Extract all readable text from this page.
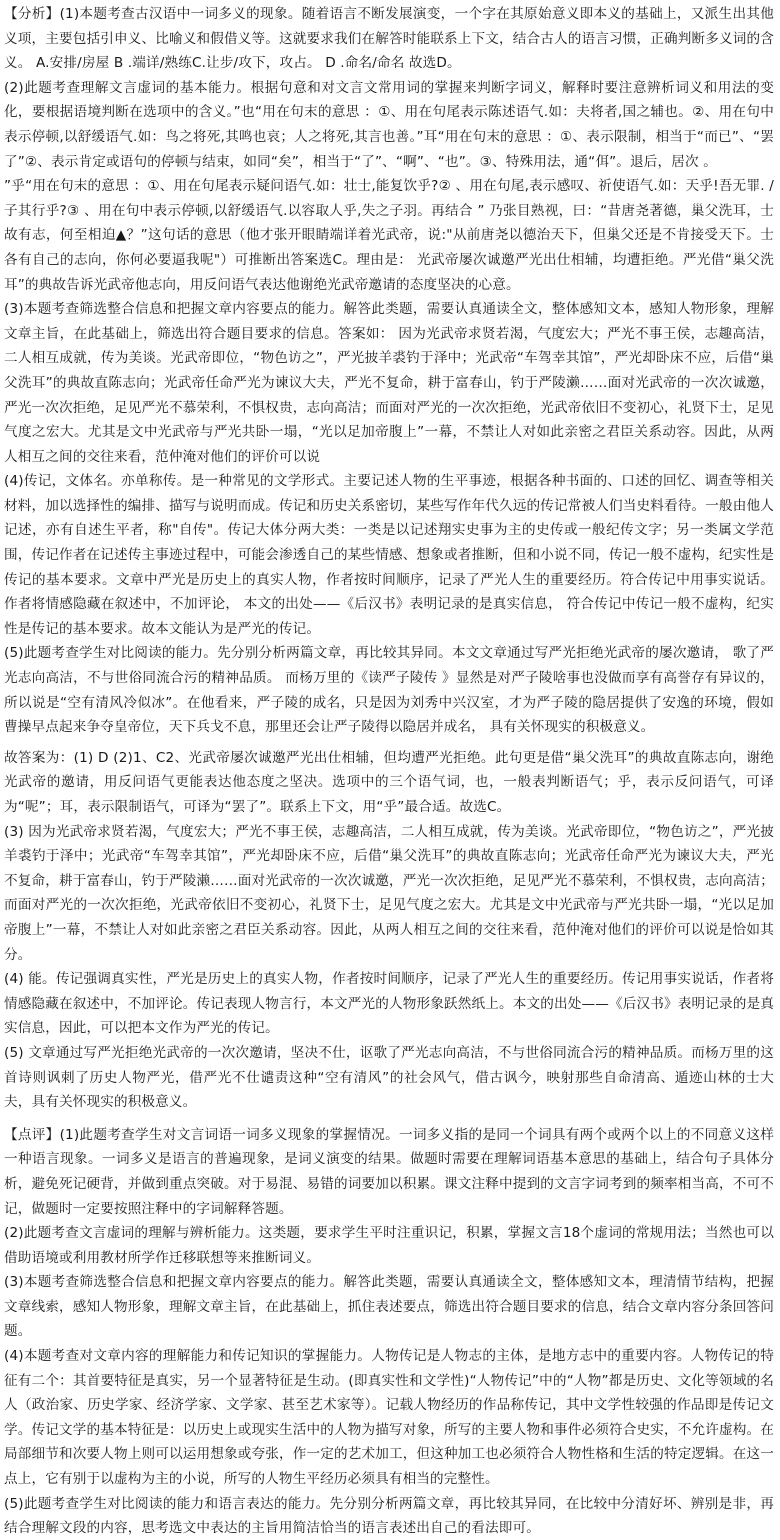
【分析】(1)本题考查古汉语中一词多义的现象。随着语言不断发展演变，一个字在其原始意义即本义的基础上，又派生出其他义项，主要包括引申义、比喻义和假借义等。这就要求我们在解答时能联系上下文，结合古人的语言习惯，正确判断多义词的含义。 A.安排/房屋 B .端详/熟练C.让步/攻下，攻占。 D .命名/命名 故选D。

(2)此题考查理解文言虚词的基本能力。根据句意和对文言文常用词的掌握来判断字词义，解释时要注意辨析词义和用法的变化，要根据语境判断在选项中的含义。”也“用在句末的意思 ：①、用在句尾表示陈述语气.如：夫将者,国之辅也。②、用在句中表示停顿,以舒缓语气.如：鸟之将死,其鸣也哀；人之将死,其言也善。”耳“用在句末的意思 ：①、表示限制，相当于“而已”、“罢了”②、表示肯定或语句的停顿与结束，如同“矣”，相当于“了”、“啊”、“也”。③、特殊用法，通“佴”。退后，居次 。

”乎“用在句末的意思 ：①、用在句尾表示疑问语气.如：壮士,能复饮乎?② 、用在句尾,表示感叹、祈使语气.如：天乎!吾无罪. / 子其行乎?③ 、用在句中表示停顿,以舒缓语气.以容取人乎,失之子羽。再结合 ” 乃张目熟视，曰：“昔唐尧著德，巢父洗耳，士故有志，何至相迫▲？”这句话的意思（他才张开眼睛端详着光武帝，说:"从前唐尧以德治天下，但巢父还是不肯接受天下。士各有自己的志向，你何必要逼我呢"）可推断出答案选C。理由是： 光武帝屡次诚邀严光出仕相辅，均遭拒绝。严光借“巢父洗耳”的典故告诉光武帝他志向，用反问语气表达他谢绝光武帝邀请的态度坚决的心意。

(3)本题考查筛选整合信息和把握文章内容要点的能力。解答此类题，需要认真通读全文，整体感知文本，感知人物形象，理解文章主旨，在此基础上，筛选出符合题目要求的信息。答案如： 因为光武帝求贤若渴，气度宏大；严光不事王侯，志趣高洁，二人相互成就，传为美谈。光武帝即位，“物色访之”，严光披羊裘钓于泽中；光武帝“车驾幸其馆”，严光却卧床不应，后借“巢父洗耳”的典故直陈志向；光武帝任命严光为谏议大夫，严光不复命，耕于富春山，钓于严陵濑……面对光武帝的一次次诚邀，严光一次次拒绝，足见严光不慕荣利，不惧权贵，志向高洁；而面对严光的一次次拒绝，光武帝依旧不变初心，礼贤下士，足见气度之宏大。尤其是文中光武帝与严光共卧一塌，“光以足加帝腹上”一幕，不禁让人对如此亲密之君臣关系动容。因此，从两人相互之间的交往来看，范仲淹对他们的评价可以说

(4)传记，文体名。亦单称传。是一种常见的文学形式。主要记述人物的生平事迹，根据各种书面的、口述的回忆、调查等相关材料，加以选择性的编排、描写与说明而成。传记和历史关系密切，某些写作年代久远的传记常被人们当史料看待。一般由他人记述，亦有自述生平者，称"自传"。传记大体分两大类：一类是以记述翔实史事为主的史传或一般纪传文字；另一类属文学范围，传记作者在记述传主事迹过程中，可能会渗透自己的某些情感、想象或者推断，但和小说不同，传记一般不虚构，纪实性是传记的基本要求。文章中严光是历史上的真实人物，作者按时间顺序，记录了严光人生的重要经历。符合传记中用事实说话。 作者将情感隐藏在叙述中，不加评论， 本文的出处——《后汉书》表明记录的是真实信息， 符合传记中传记一般不虚构，纪实性是传记的基本要求。故本文能认为是严光的传记。

(5)此题考查学生对比阅读的能力。先分别分析两篇文章，再比较其异同。本文文章通过写严光拒绝光武帝的屡次邀请， 歌了严光志向高洁，不与世俗同流合污的精神品质。 而杨万里的《读严子陵传 》显然是对严子陵啥事也没做而享有高誉存有异议的，所以说是“空有清风冷似冰”。在他看来，严子陵的成名，只是因为刘秀中兴汉室，才为严子陵的隐居提供了安逸的环境，假如曹操早点起来争夺皇帝位，天下兵戈不息，那里还会让严子陵得以隐居并成名， 具有关怀现实的积极意义。

故答案为：(1) D (2)1、C2、光武帝屡次诚邀严光出仕相辅，但均遭严光拒绝。此句更是借“巢父洗耳”的典故直陈志向，谢绝光武帝的邀请，用反问语气更能表达他态度之坚决。选项中的三个语气词，也，一般表判断语气；乎，表示反问语气，可译为“呢”；耳，表示限制语气，可译为“罢了”。联系上下文，用“乎”最合适。故选C。

(3) 因为光武帝求贤若渴，气度宏大；严光不事王侯，志趣高洁，二人相互成就，传为美谈。光武帝即位，“物色访之”，严光披羊裘钓于泽中；光武帝“车驾幸其馆”，严光却卧床不应，后借“巢父洗耳”的典故直陈志向；光武帝任命严光为谏议大夫，严光不复命，耕于富春山，钓于严陵濑……面对光武帝的一次次诚邀，严光一次次拒绝，足见严光不慕荣利，不惧权贵，志向高洁；而面对严光的一次次拒绝，光武帝依旧不变初心，礼贤下士，足见气度之宏大。尤其是文中光武帝与严光共卧一塌，“光以足加帝腹上”一幕，不禁让人对如此亲密之君臣关系动容。因此，从两人相互之间的交往来看，范仲淹对他们的评价可以说是恰如其分。

(4) 能。传记强调真实性，严光是历史上的真实人物，作者按时间顺序，记录了严光人生的重要经历。传记用事实说话，作者将情感隐藏在叙述中，不加评论。传记表现人物言行，本文严光的人物形象跃然纸上。本文的出处——《后汉书》表明记录的是真实信息，因此，可以把本文作为严光的传记。

(5) 文章通过写严光拒绝光武帝的一次次邀请，坚决不仕，讴歌了严光志向高洁，不与世俗同流合污的精神品质。而杨万里的这首诗则讽刺了历史人物严光，借严光不仕谴责这种“空有清风”的社会风气，借古讽今，映射那些自命清高、遁迹山林的士大夫，具有关怀现实的积极意义。

【点评】(1)此题考查学生对文言词语一词多义现象的掌握情况。一词多义指的是同一个词具有两个或两个以上的不同意义这样一种语言现象。一词多义是语言的普遍现象，是词义演变的结果。做题时需要在理解词语基本意思的基础上，结合句子具体分析，避免死记硬背，并做到重点突破。对于易混、易错的词要加以积累。课文注释中提到的文言字词考到的频率相当高，不可不记，做题时一定要按照注释中的字词解释答题。

(2)此题考查文言虚词的理解与辨析能力。这类题，要求学生平时注重识记，积累，掌握文言18个虚词的常规用法；当然也可以借助语境或利用教材所学作迁移联想等来推断词义。

(3)本题考查筛选整合信息和把握文章内容要点的能力。解答此类题，需要认真通读全文，整体感知文本，理清情节结构，把握文章线索，感知人物形象，理解文章主旨，在此基础上，抓住表述要点，筛选出符合题目要求的信息，结合文章内容分条回答问题。

(4)本题考查对文章内容的理解能力和传记知识的掌握能力。人物传记是人物志的主体，是地方志中的重要内容。人物传记的特征有二个：其首要特征是真实，另一个显著特征是生动。(即真实性和文学性)“人物传记”中的“人物”都是历史、文化等领域的名人（政治家、历史学家、经济学家、文学家、甚至艺术家等）。记载人物经历的作品称传记，其中文学性较强的作品即是传记文学。传记文学的基本特征是：以历史上或现实生活中的人物为描写对象，所写的主要人物和事件必须符合史实，不允许虚构。在局部细节和次要人物上则可以运用想象或夸张，作一定的艺术加工，但这种加工也必须符合人物性格和生活的特定逻辑。在这一点上，它有别于以虚构为主的小说，所写的人物生平经历必须具有相当的完整性。

(5)此题考查学生对比阅读的能力和语言表达的能力。先分别分析两篇文章，再比较其异同，在比较中分清好坏、辨别是非，再结合理解文段的内容，思考选文中表达的主旨用简洁恰当的语言表述出自己的看法即可。
